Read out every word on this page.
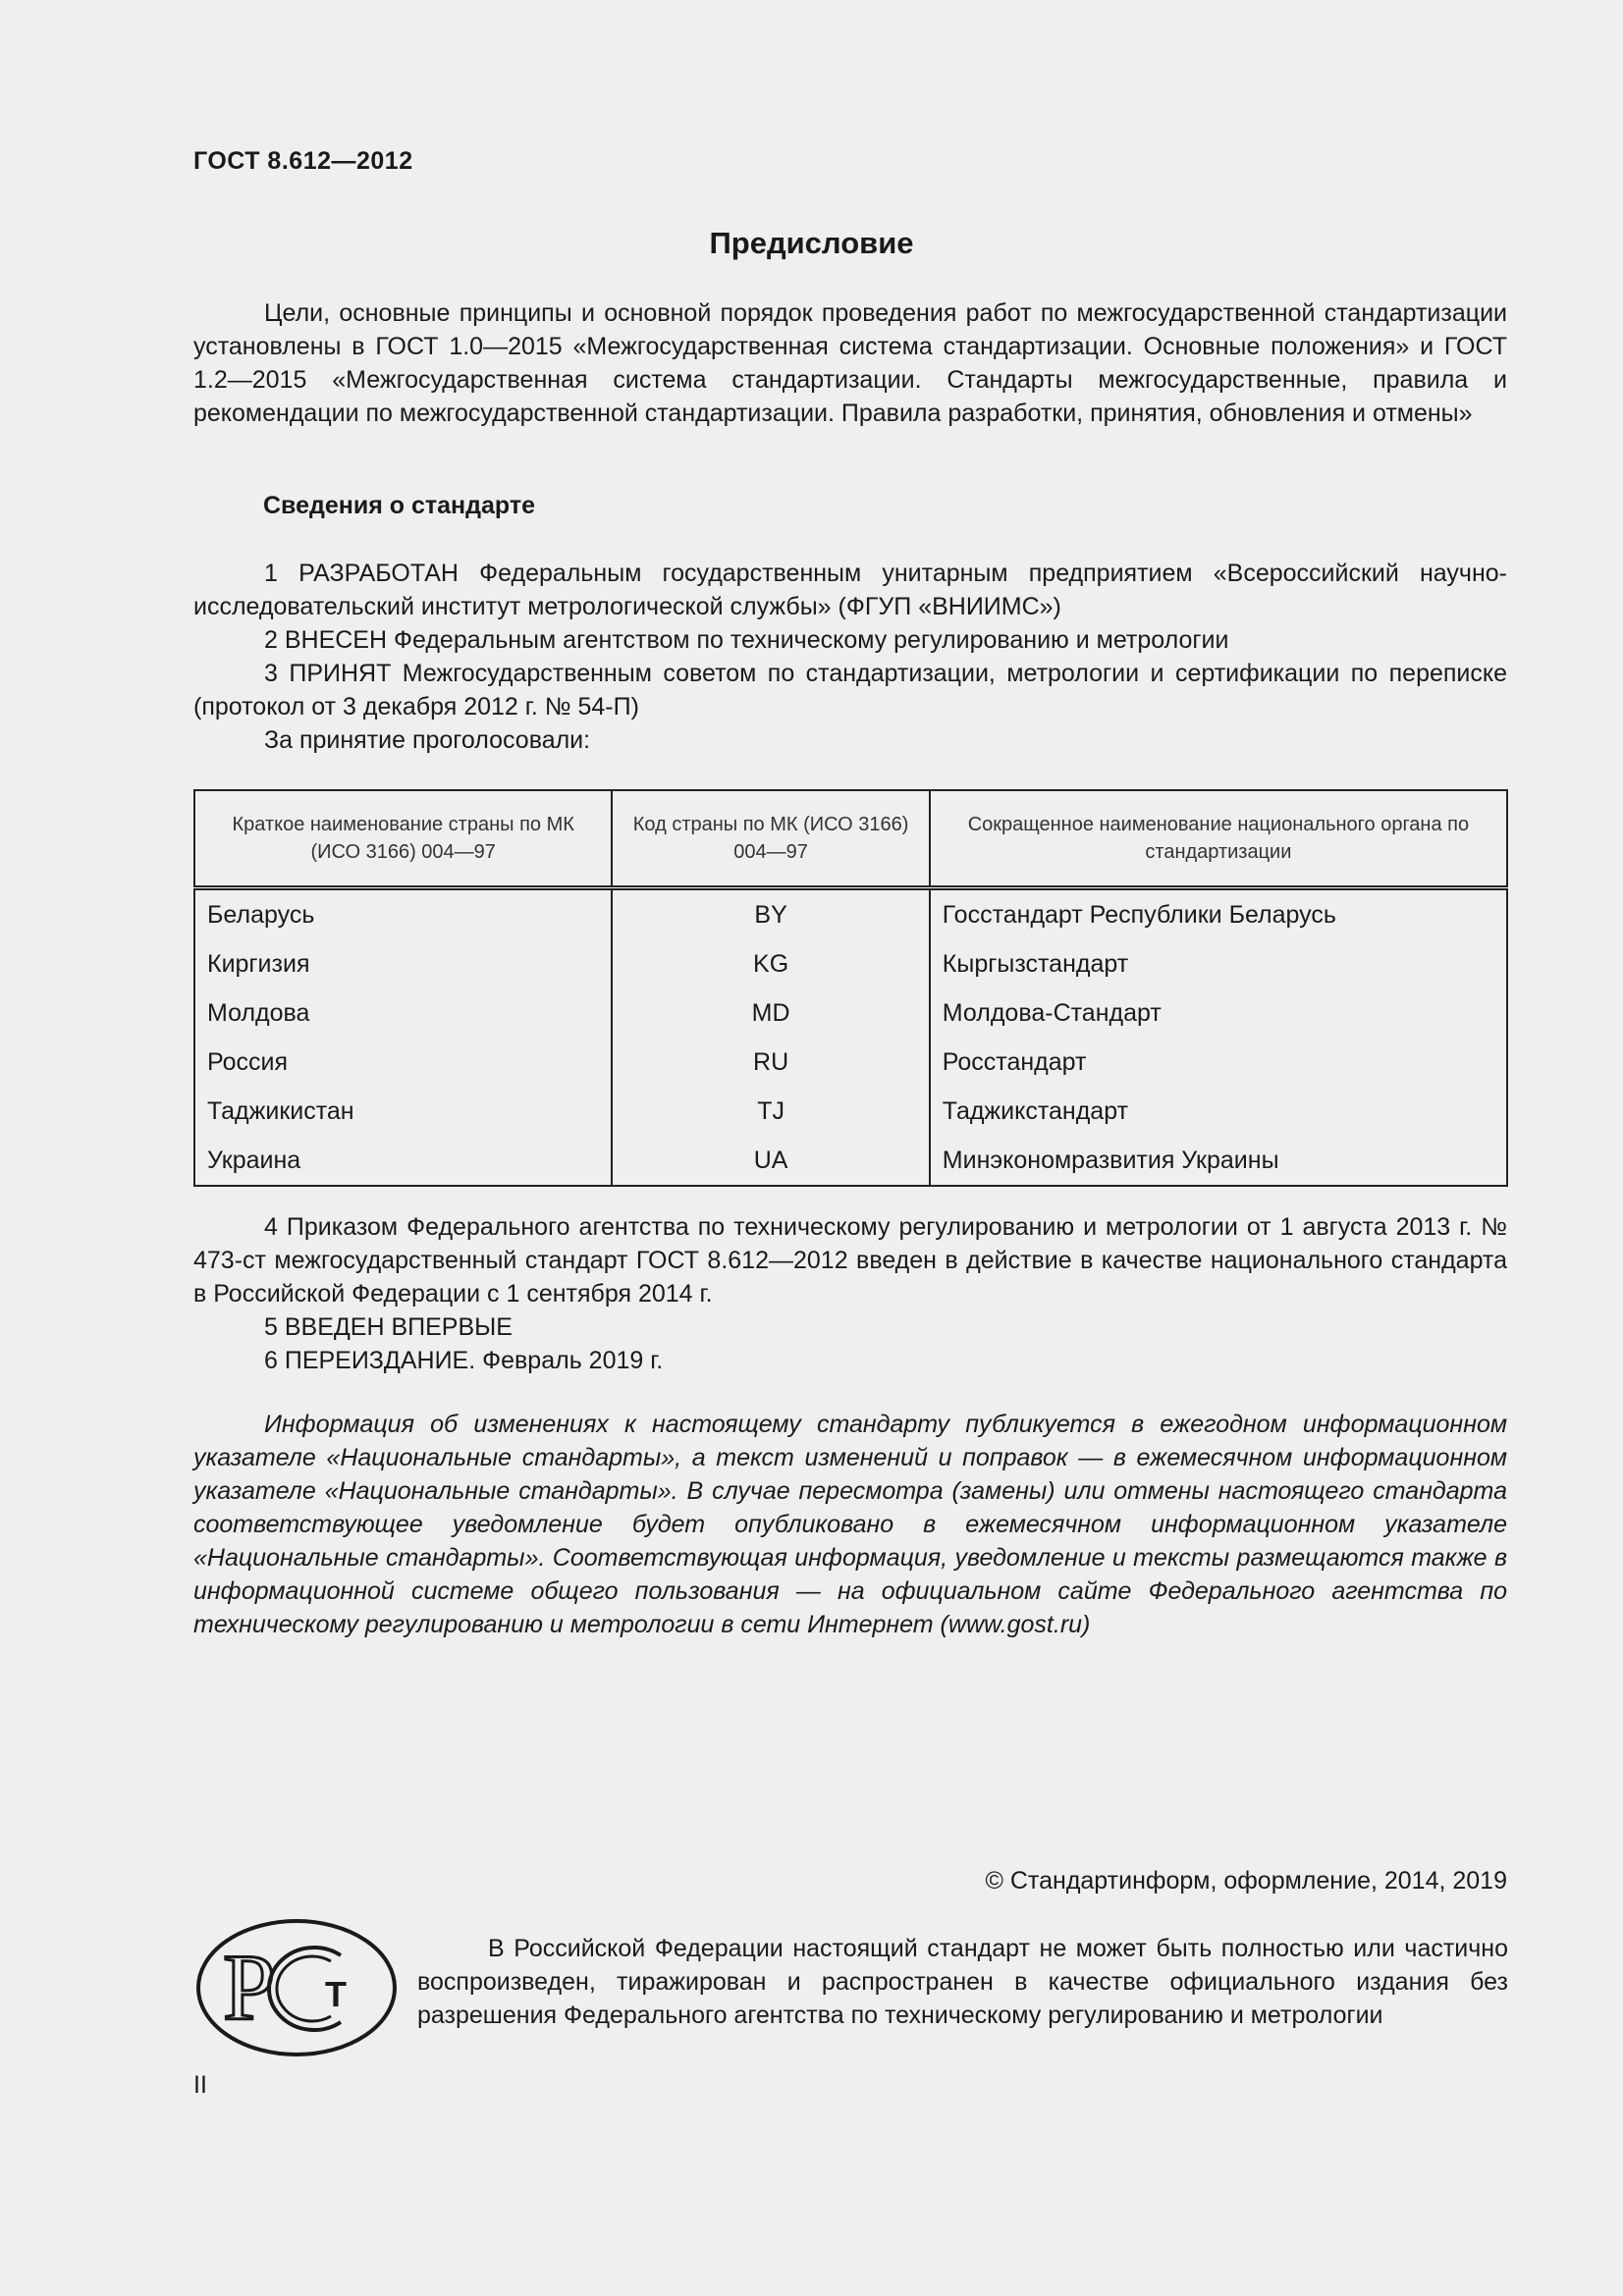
ГОСТ 8.612—2012
Предисловие

Цели, основные принципы и основной порядок проведения работ по межгосударственной стандартизации установлены в ГОСТ 1.0—2015 «Межгосударственная система стандартизации. Основные положения» и ГОСТ 1.2—2015 «Межгосударственная система стандартизации. Стандарты межгосударственные, правила и рекомендации по межгосударственной стандартизации. Правила разработки, принятия, обновления и отмены»

Сведения о стандарте

1 РАЗРАБОТАН Федеральным государственным унитарным предприятием «Всероссийский научно-исследовательский институт метрологической службы» (ФГУП «ВНИИМС»)

2 ВНЕСЕН Федеральным агентством по техническому регулированию и метрологии

3 ПРИНЯТ Межгосударственным советом по стандартизации, метрологии и сертификации по переписке (протокол от 3 декабря 2012 г. № 54-П)

За принятие проголосовали:

Краткое наименование страны по МК (ИСО 3166) 004—97	Код страны по МК (ИСО 3166) 004—97	Сокращенное наименование национального органа по стандартизации
Беларусь	BY	Госстандарт Республики Беларусь
Киргизия	KG	Кыргызстандарт
Молдова	MD	Молдова-Стандарт
Россия	RU	Росстандарт
Таджикистан	TJ	Таджикстандарт
Украина	UA	Минэкономразвития Украины

4 Приказом Федерального агентства по техническому регулированию и метрологии от 1 августа 2013 г. № 473-ст межгосударственный стандарт ГОСТ 8.612—2012 введен в действие в качестве национального стандарта в Российской Федерации с 1 сентября 2014 г.

5 ВВЕДЕН ВПЕРВЫЕ

6 ПЕРЕИЗДАНИЕ. Февраль 2019 г.

Информация об изменениях к настоящему стандарту публикуется в ежегодном информационном указателе «Национальные стандарты», а текст изменений и поправок — в ежемесячном информационном указателе «Национальные стандарты». В случае пересмотра (замены) или отмены настоящего стандарта соответствующее уведомление будет опубликовано в ежемесячном информационном указателе «Национальные стандарты». Соответствующая информация, уведомление и тексты размещаются также в информационной системе общего пользования — на официальном сайте Федерального агентства по техническому регулированию и метрологии в сети Интернет (www.gost.ru)

© Стандартинформ, оформление, 2014, 2019
Р Т
В Российской Федерации настоящий стандарт не может быть полностью или частично воспроизведен, тиражирован и распространен в качестве официального издания без разрешения Федерального агентства по техническому регулированию и метрологии
II
